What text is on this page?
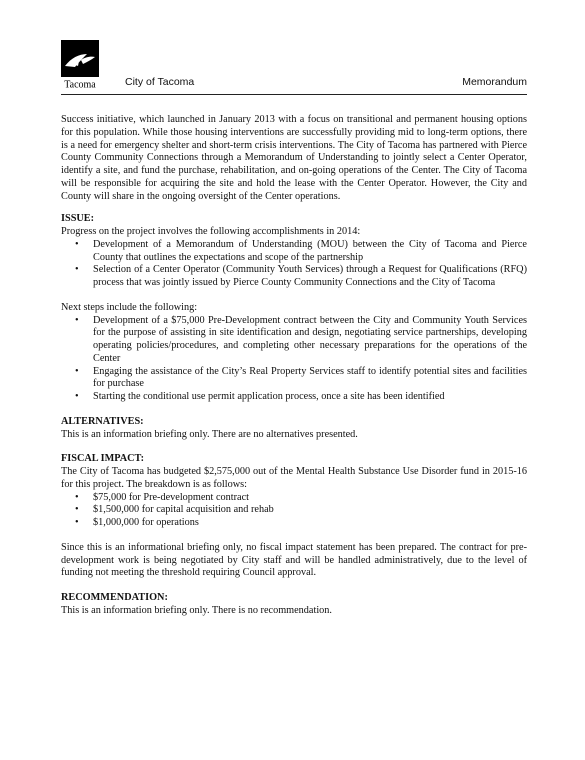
Tacoma	City of Tacoma	Memorandum

Success initiative, which launched in January 2013 with a focus on transitional and permanent housing options for this population. While those housing interventions are successfully providing mid to long-term options, there is a need for emergency shelter and short-term crisis interventions. The City of Tacoma has partnered with Pierce County Community Connections through a Memorandum of Understanding to jointly select a Center Operator, identify a site, and fund the purchase, rehabilitation, and on-going operations of the Center. The City of Tacoma will be responsible for acquiring the site and hold the lease with the Center Operator. However, the City and County will share in the ongoing oversight of the Center operations.

ISSUE:

Progress on the project involves the following accomplishments in 2014:

• Development of a Memorandum of Understanding (MOU) between the City of Tacoma and Pierce County that outlines the expectations and scope of the partnership
• Selection of a Center Operator (Community Youth Services) through a Request for Qualifications (RFQ) process that was jointly issued by Pierce County Community Connections and the City of Tacoma

Next steps include the following:

• Development of a $75,000 Pre-Development contract between the City and Community Youth Services for the purpose of assisting in site identification and design, negotiating service partnerships, developing operating policies/procedures, and completing other necessary preparations for the operations of the Center
• Engaging the assistance of the City’s Real Property Services staff to identify potential sites and facilities for purchase
• Starting the conditional use permit application process, once a site has been identified

ALTERNATIVES:

This is an information briefing only. There are no alternatives presented.

FISCAL IMPACT:

The City of Tacoma has budgeted $2,575,000 out of the Mental Health Substance Use Disorder fund in 2015-16 for this project. The breakdown is as follows:

• $75,000 for Pre-development contract
• $1,500,000 for capital acquisition and rehab
• $1,000,000 for operations

Since this is an informational briefing only, no fiscal impact statement has been prepared. The contract for pre-development work is being negotiated by City staff and will be handled administratively, due to the level of funding not meeting the threshold requiring Council approval.

RECOMMENDATION:

This is an information briefing only. There is no recommendation.
